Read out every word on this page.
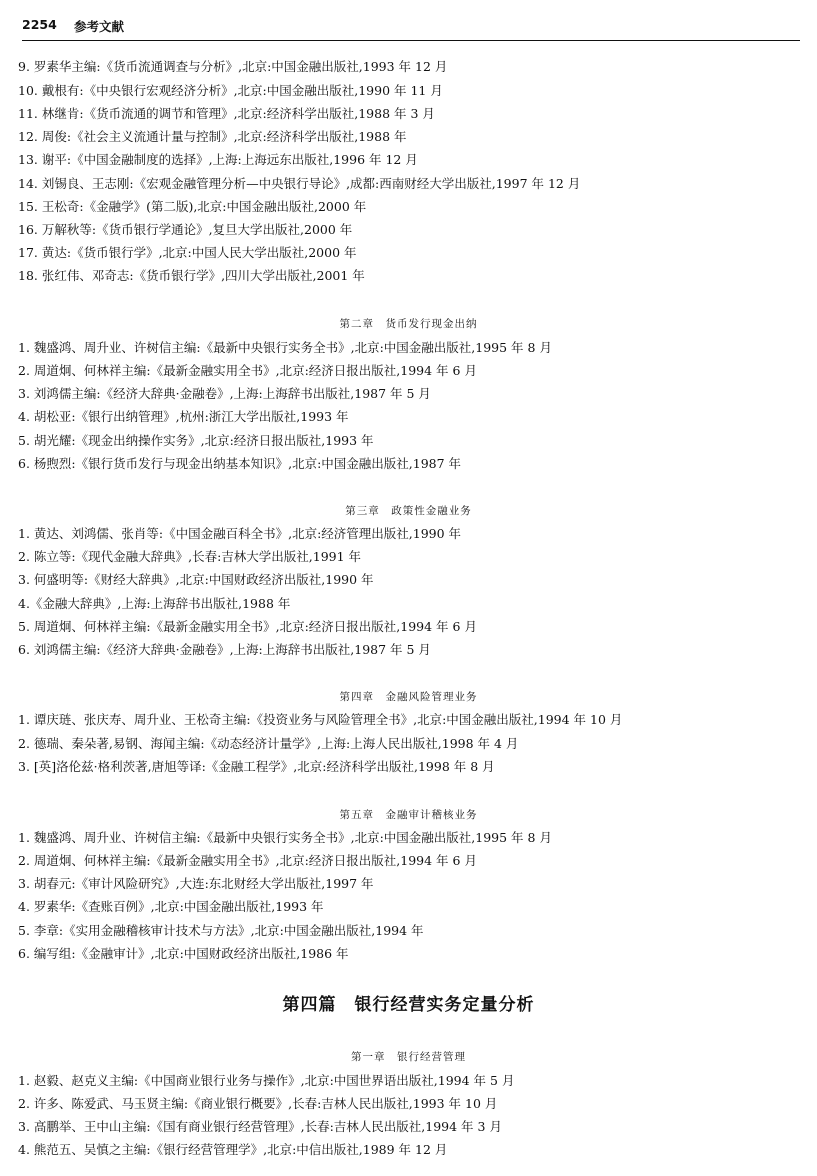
2254 参考文献
9. 罗素华主编:《货币流通调查与分析》,北京:中国金融出版社,1993 年 12 月
10. 戴根有:《中央银行宏观经济分析》,北京:中国金融出版社,1990 年 11 月
11. 林继肯:《货币流通的调节和管理》,北京:经济科学出版社,1988 年 3 月
12. 周俊:《社会主义流通计量与控制》,北京:经济科学出版社,1988 年
13. 谢平:《中国金融制度的选择》,上海:上海远东出版社,1996 年 12 月
14. 刘锡良、王志刚:《宏观金融管理分析—中央银行导论》,成都:西南财经大学出版社,1997 年 12 月
15. 王松奇:《金融学》(第二版),北京:中国金融出版社,2000 年
16. 万解秋等:《货币银行学通论》,复旦大学出版社,2000 年
17. 黄达:《货币银行学》,北京:中国人民大学出版社,2000 年
18. 张红伟、邓奇志:《货币银行学》,四川大学出版社,2001 年
第二章　货币发行现金出纳
1. 魏盛鸿、周升业、许树信主编:《最新中央银行实务全书》,北京:中国金融出版社,1995 年 8 月
2. 周道炯、何林祥主编:《最新金融实用全书》,北京:经济日报出版社,1994 年 6 月
3. 刘鸿儒主编:《经济大辞典·金融卷》,上海:上海辞书出版社,1987 年 5 月
4. 胡松亚:《银行出纳管理》,杭州:浙江大学出版社,1993 年
5. 胡光耀:《现金出纳操作实务》,北京:经济日报出版社,1993 年
6. 杨煦烈:《银行货币发行与现金出纳基本知识》,北京:中国金融出版社,1987 年
第三章　政策性金融业务
1. 黄达、刘鸿儒、张肖等:《中国金融百科全书》,北京:经济管理出版社,1990 年
2. 陈立等:《现代金融大辞典》,长春:吉林大学出版社,1991 年
3. 何盛明等:《财经大辞典》,北京:中国财政经济出版社,1990 年
4.《金融大辞典》,上海:上海辞书出版社,1988 年
5. 周道炯、何林祥主编:《最新金融实用全书》,北京:经济日报出版社,1994 年 6 月
6. 刘鸿儒主编:《经济大辞典·金融卷》,上海:上海辞书出版社,1987 年 5 月
第四章　金融风险管理业务
1. 谭庆琏、张庆寿、周升业、王松奇主编:《投资业务与风险管理全书》,北京:中国金融出版社,1994 年 10 月
2. 德瑞、秦朵著,易钢、海闻主编:《动态经济计量学》,上海:上海人民出版社,1998 年 4 月
3. [英]洛伦兹·格利茨著,唐旭等译:《金融工程学》,北京:经济科学出版社,1998 年 8 月
第五章　金融审计稽核业务
1. 魏盛鸿、周升业、许树信主编:《最新中央银行实务全书》,北京:中国金融出版社,1995 年 8 月
2. 周道炯、何林祥主编:《最新金融实用全书》,北京:经济日报出版社,1994 年 6 月
3. 胡春元:《审计风险研究》,大连:东北财经大学出版社,1997 年
4. 罗素华:《查账百例》,北京:中国金融出版社,1993 年
5. 李章:《实用金融稽核审计技术与方法》,北京:中国金融出版社,1994 年
6. 编写组:《金融审计》,北京:中国财政经济出版社,1986 年
第四篇　银行经营实务定量分析
第一章　银行经营管理
1. 赵毅、赵克义主编:《中国商业银行业务与操作》,北京:中国世界语出版社,1994 年 5 月
2. 许多、陈爱武、马玉贤主编:《商业银行概要》,长春:吉林人民出版社,1993 年 10 月
3. 高鹏举、王中山主编:《国有商业银行经营管理》,长春:吉林人民出版社,1994 年 3 月
4. 熊范五、吴慎之主编:《银行经营管理学》,北京:中信出版社,1989 年 12 月
